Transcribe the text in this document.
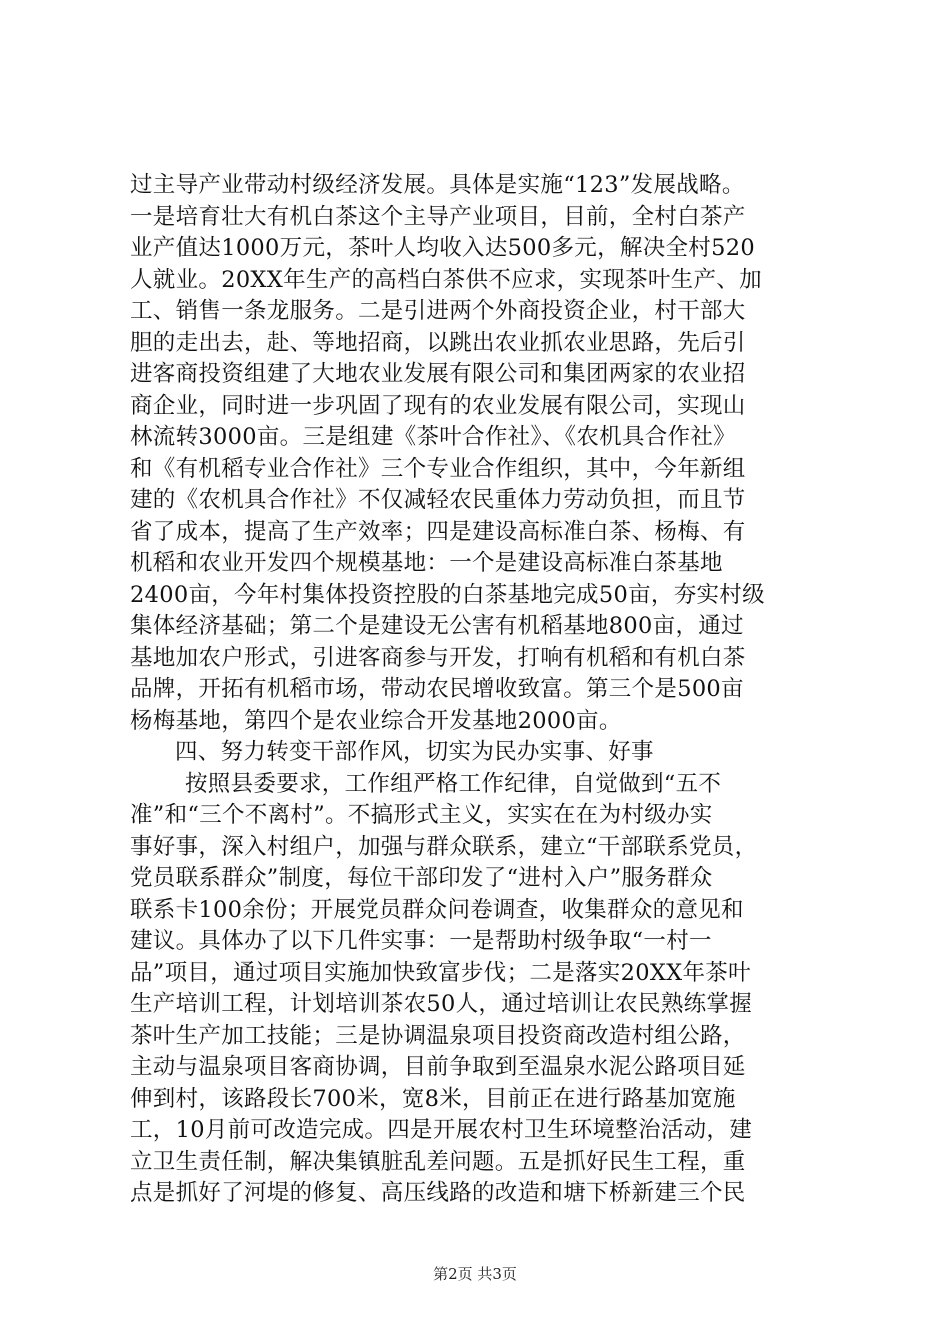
过主导产业带动村级经济发展。具体是实施“123”发展战略。
一是培育壮大有机白茶这个主导产业项目，目前，全村白茶产
业产值达1000万元，茶叶人均收入达500多元，解决全村520
人就业。20XX年生产的高档白茶供不应求，实现茶叶生产、加
工、销售一条龙服务。二是引进两个外商投资企业，村干部大
胆的走出去，赴、等地招商，以跳出农业抓农业思路，先后引
进客商投资组建了大地农业发展有限公司和集团两家的农业招
商企业，同时进一步巩固了现有的农业发展有限公司，实现山
林流转3000亩。三是组建《茶叶合作社》、《农机具合作社》
和《有机稻专业合作社》三个专业合作组织，其中，今年新组
建的《农机具合作社》不仅减轻农民重体力劳动负担，而且节
省了成本，提高了生产效率；四是建设高标准白茶、杨梅、有
机稻和农业开发四个规模基地：一个是建设高标准白茶基地
2400亩，今年村集体投资控股的白茶基地完成50亩，夯实村级
集体经济基础；第二个是建设无公害有机稻基地800亩，通过
基地加农户形式，引进客商参与开发，打响有机稻和有机白茶
品牌，开拓有机稻市场，带动农民增收致富。第三个是500亩
杨梅基地，第四个是农业综合开发基地2000亩。
四、努力转变干部作风，切实为民办实事、好事
按照县委要求，工作组严格工作纪律，自觉做到“五不
准”和“三个不离村”。不搞形式主义，实实在在为村级办实
事好事，深入村组户，加强与群众联系，建立“干部联系党员，
党员联系群众”制度，每位干部印发了“进村入户”服务群众
联系卡100余份；开展党员群众问卷调查，收集群众的意见和
建议。具体办了以下几件实事：一是帮助村级争取“一村一
品”项目，通过项目实施加快致富步伐；二是落实20XX年茶叶
生产培训工程，计划培训茶农50人，通过培训让农民熟练掌握
茶叶生产加工技能；三是协调温泉项目投资商改造村组公路，
主动与温泉项目客商协调，目前争取到至温泉水泥公路项目延
伸到村，该路段长700米，宽8米，目前正在进行路基加宽施
工，10月前可改造完成。四是开展农村卫生环境整治活动，建
立卫生责任制，解决集镇脏乱差问题。五是抓好民生工程，重
点是抓好了河堤的修复、高压线路的改造和塘下桥新建三个民
第2页 共3页
